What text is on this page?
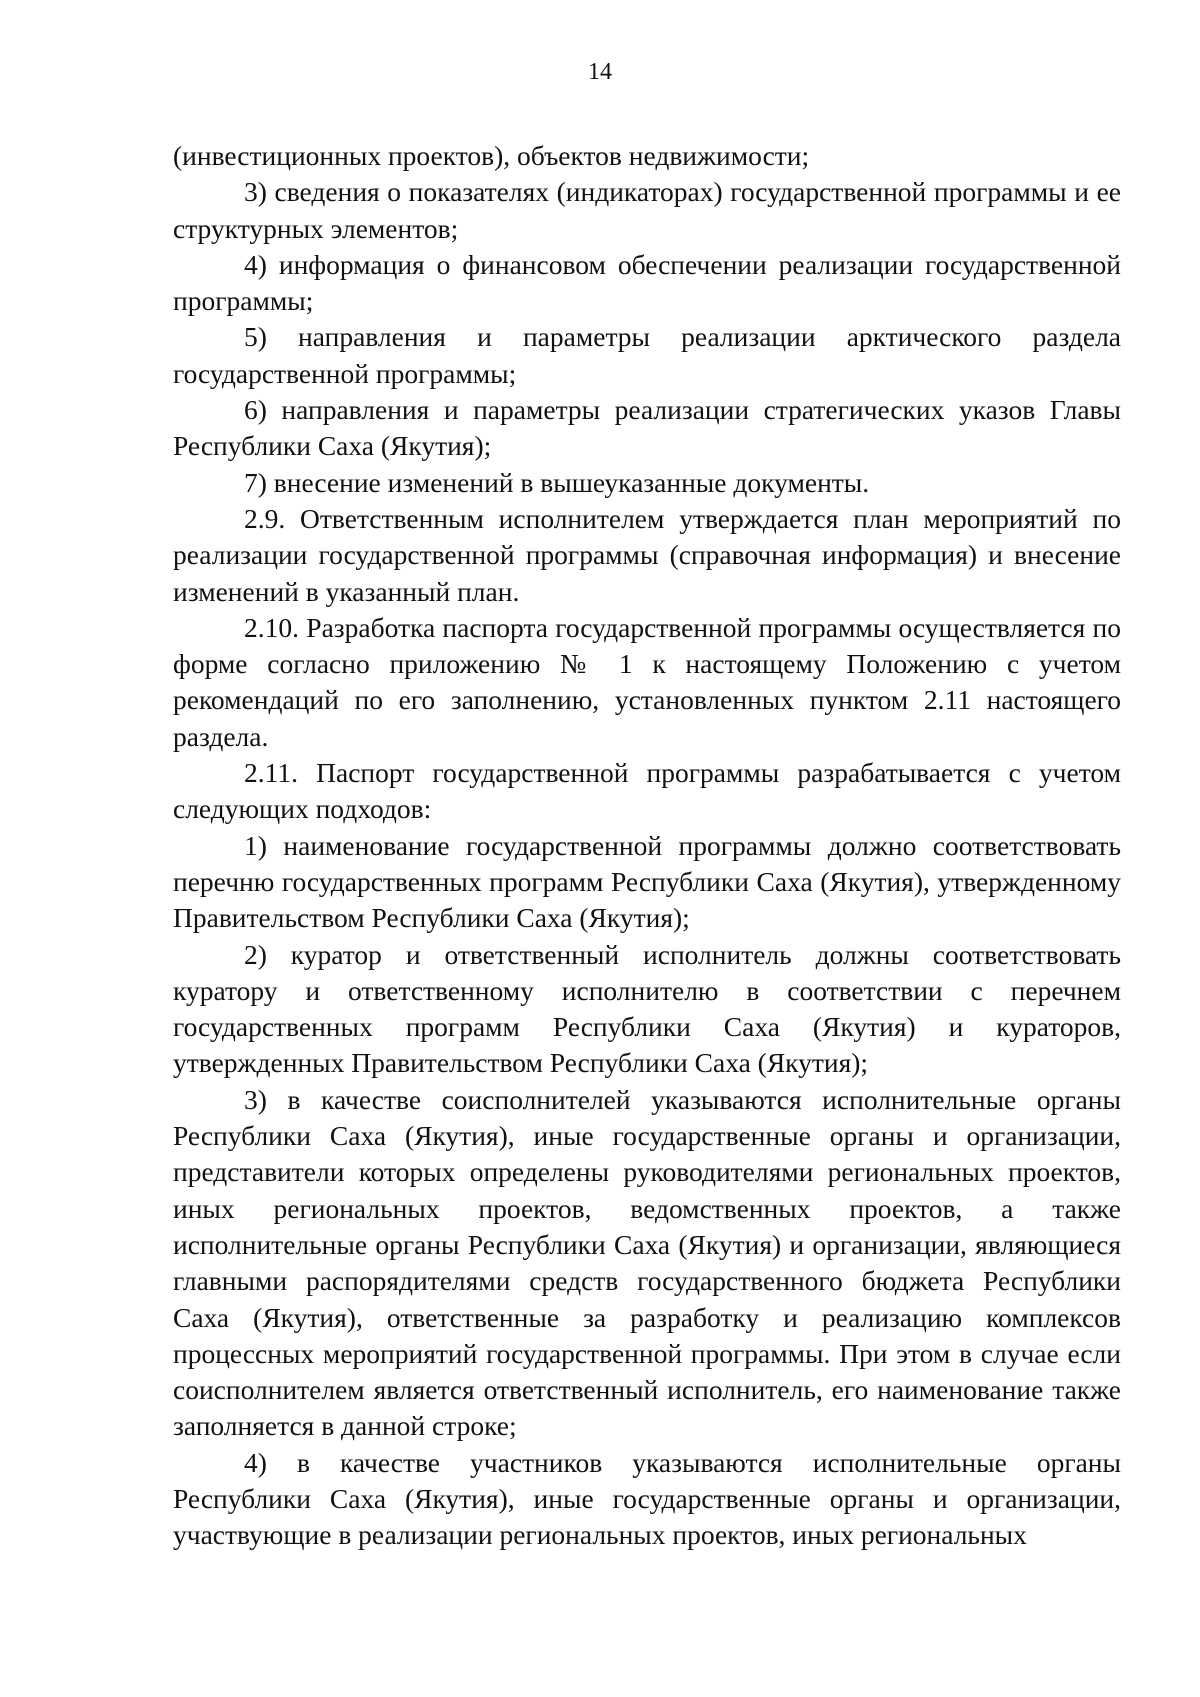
14

(инвестиционных проектов), объектов недвижимости;

3) сведения о показателях (индикаторах) государственной программы и ее структурных элементов;

4) информация о финансовом обеспечении реализации государственной программы;

5) направления и параметры реализации арктического раздела государственной программы;

6) направления и параметры реализации стратегических указов Главы Республики Саха (Якутия);

7) внесение изменений в вышеуказанные документы.

2.9. Ответственным исполнителем утверждается план мероприятий по реализации государственной программы (справочная информация) и внесение изменений в указанный план.

2.10. Разработка паспорта государственной программы осуществляется по форме согласно приложению № 1 к настоящему Положению с учетом рекомендаций по его заполнению, установленных пунктом 2.11 настоящего раздела.

2.11. Паспорт государственной программы разрабатывается с учетом следующих подходов:

1) наименование государственной программы должно соответствовать перечню государственных программ Республики Саха (Якутия), утвержденному Правительством Республики Саха (Якутия);

2) куратор и ответственный исполнитель должны соответствовать куратору и ответственному исполнителю в соответствии с перечнем государственных программ Республики Саха (Якутия) и кураторов, утвержденных Правительством Республики Саха (Якутия);

3) в качестве соисполнителей указываются исполнительные органы Республики Саха (Якутия), иные государственные органы и организации, представители которых определены руководителями региональных проектов, иных региональных проектов, ведомственных проектов, а также исполнительные органы Республики Саха (Якутия) и организации, являющиеся главными распорядителями средств государственного бюджета Республики Саха (Якутия), ответственные за разработку и реализацию комплексов процессных мероприятий государственной программы. При этом в случае если соисполнителем является ответственный исполнитель, его наименование также заполняется в данной строке;

4) в качестве участников указываются исполнительные органы Республики Саха (Якутия), иные государственные органы и организации, участвующие в реализации региональных проектов, иных региональных
